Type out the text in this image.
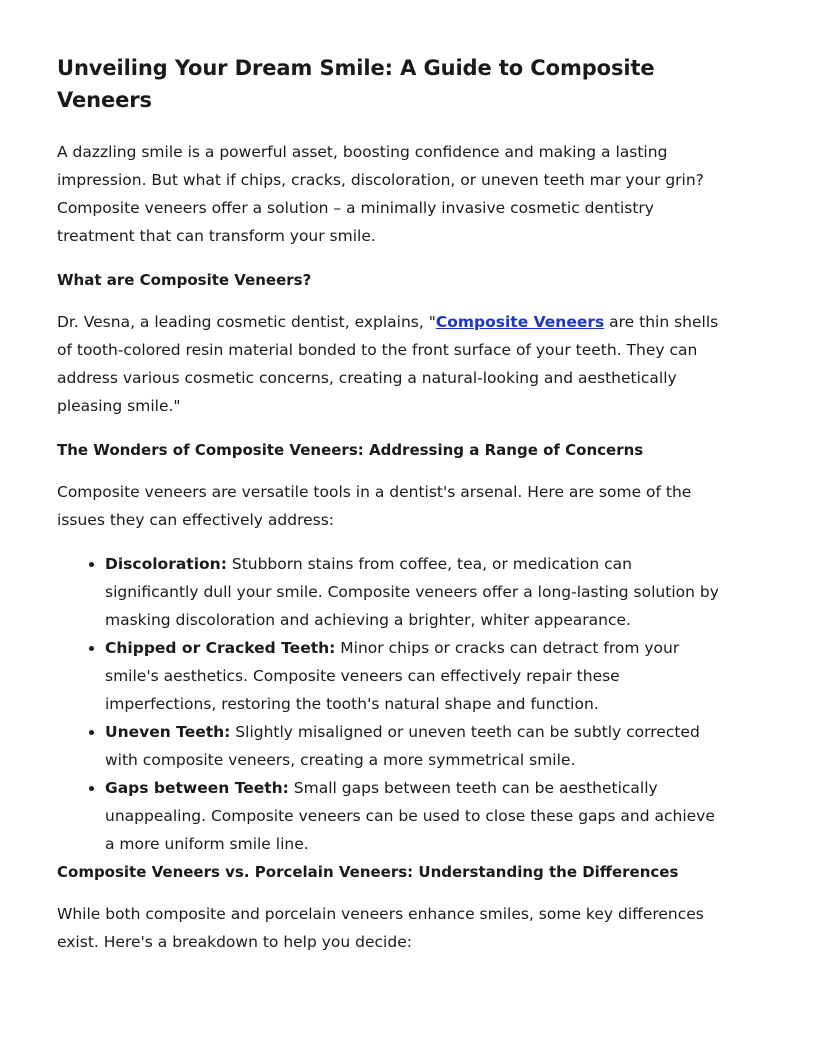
Unveiling Your Dream Smile: A Guide to Composite Veneers

A dazzling smile is a powerful asset, boosting confidence and making a lasting impression. But what if chips, cracks, discoloration, or uneven teeth mar your grin? Composite veneers offer a solution – a minimally invasive cosmetic dentistry treatment that can transform your smile.

What are Composite Veneers?

Dr. Vesna, a leading cosmetic dentist, explains, "Composite Veneers are thin shells of tooth-colored resin material bonded to the front surface of your teeth. They can address various cosmetic concerns, creating a natural-looking and aesthetically pleasing smile."

The Wonders of Composite Veneers: Addressing a Range of Concerns

Composite veneers are versatile tools in a dentist's arsenal. Here are some of the issues they can effectively address:

• Discoloration: Stubborn stains from coffee, tea, or medication can significantly dull your smile. Composite veneers offer a long-lasting solution by masking discoloration and achieving a brighter, whiter appearance.
• Chipped or Cracked Teeth: Minor chips or cracks can detract from your smile's aesthetics. Composite veneers can effectively repair these imperfections, restoring the tooth's natural shape and function.
• Uneven Teeth: Slightly misaligned or uneven teeth can be subtly corrected with composite veneers, creating a more symmetrical smile.
• Gaps between Teeth: Small gaps between teeth can be aesthetically unappealing. Composite veneers can be used to close these gaps and achieve a more uniform smile line.
Composite Veneers vs. Porcelain Veneers: Understanding the Differences

While both composite and porcelain veneers enhance smiles, some key differences exist. Here's a breakdown to help you decide:
